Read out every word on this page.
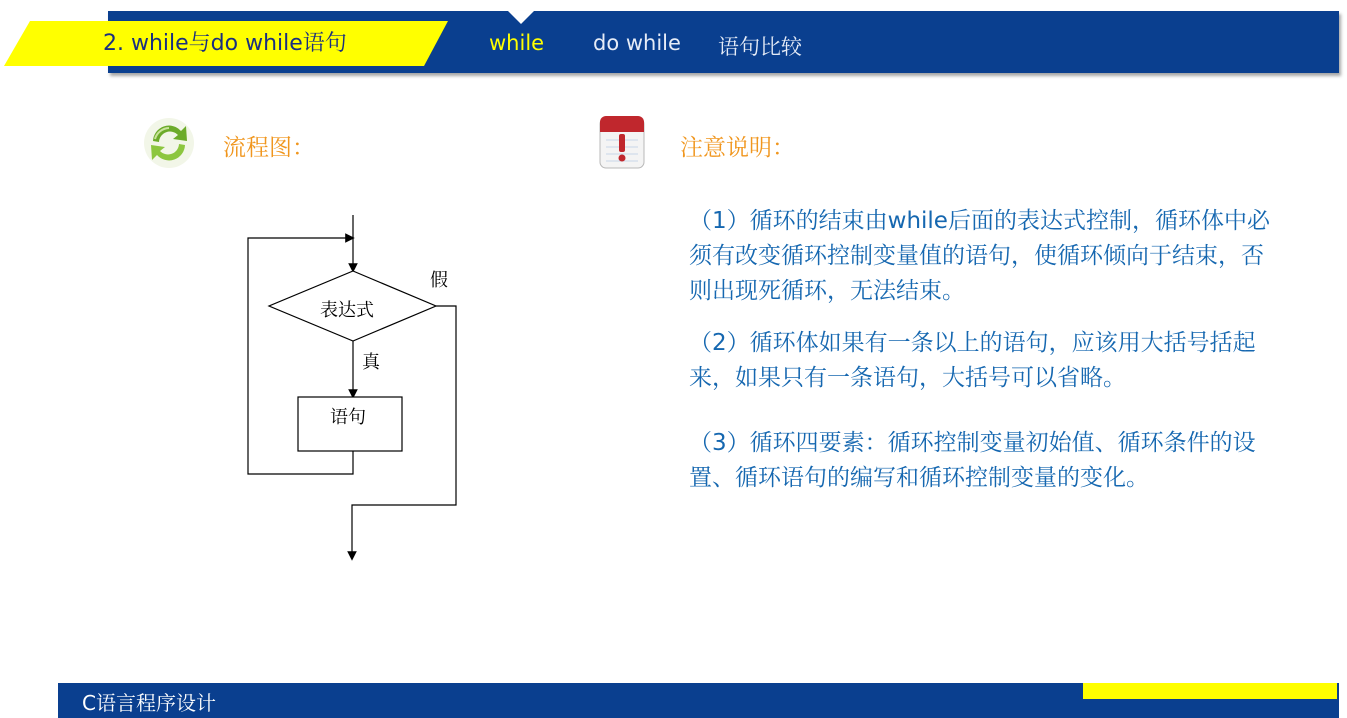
2. while与do while语句	while do while 语句比较
流程图：
表达式
语句
真
假
注意说明：
（1）循环的结束由while后面的表达式控制，循环体中必须有改变循环控制变量值的语句，使循环倾向于结束，否则出现死循环，无法结束。
（2）循环体如果有一条以上的语句，应该用大括号括起来，如果只有一条语句，大括号可以省略。
（3）循环四要素：循环控制变量初始值、循环条件的设置、循环语句的编写和循环控制变量的变化。
C语言程序设计
